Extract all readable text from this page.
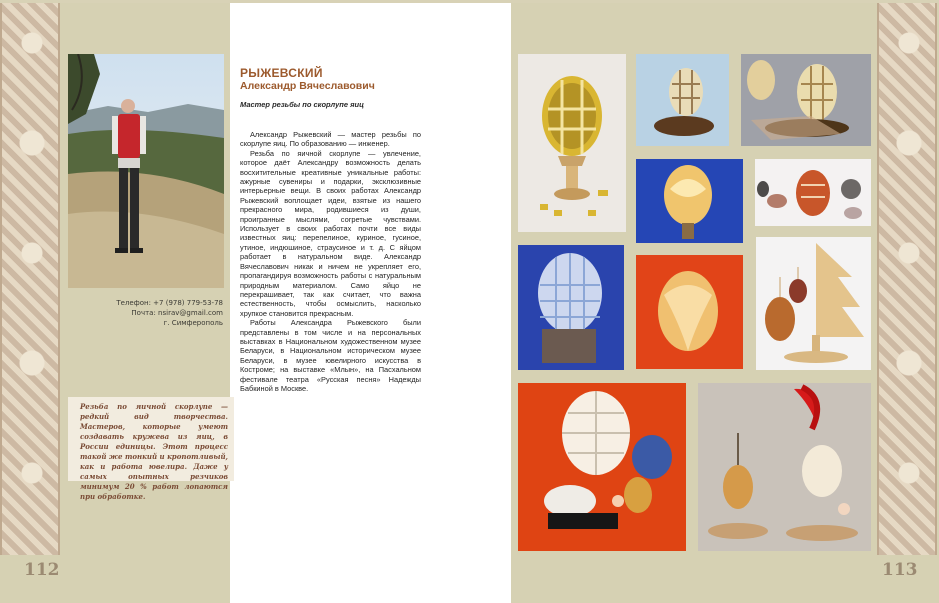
112	113
Телефон: +7 (978) 779-53-78
Почта: nsirav@gmail.com
г. Симферополь
Резьба по яичной скорлупе — редкий вид творчества. Мастеров, которые умеют создавать кружева из яиц, в России единицы. Этот процесс такой же тонкий и кропотливый, как и работа ювелира. Даже у самых опытных резчиков минимум 20 % работ лопаются при обработке.
РЫЖЕВСКИЙ
Александр Вячеславович
Мастер резьбы по скорлупе яиц

Александр Рыжевский — мастер резьбы по скорлупе яиц. По образованию — инженер.

Резьба по яичной скорлупе — увлечение, которое даёт Александру возможность делать восхитительные креативные уникальные работы: ажурные сувениры и подарки, эксклюзивные интерьерные вещи. В своих работах Александр Рыжевский воплощает идеи, взятые из нашего прекрасного мира, родившиеся из души, проигранные мыслями, согретые чувствами. Использует в своих работах почти все виды известных яиц: перепелиное, куриное, гусиное, утиное, индюшиное, страусиное и т. д. С яйцом работает в натуральном виде. Александр Вячеславович никак и ничем не укрепляет его, пропагандируя возможность работы с натуральным природным материалом. Само яйцо не перекрашивает, так как считает, что важна естественность, чтобы осмыслить, насколько хрупкое становится прекрасным.

Работы Александра Рыжевского были представлены в том числе и на персональных выставках в Национальном художественном музее Беларуси, в Национальном историческом музее Беларуси, в музее ювелирного искусства в Костроме; на выставке «Млын», на Пасхальном фестивале театра «Русская песня» Надежды Бабкиной в Москве.
